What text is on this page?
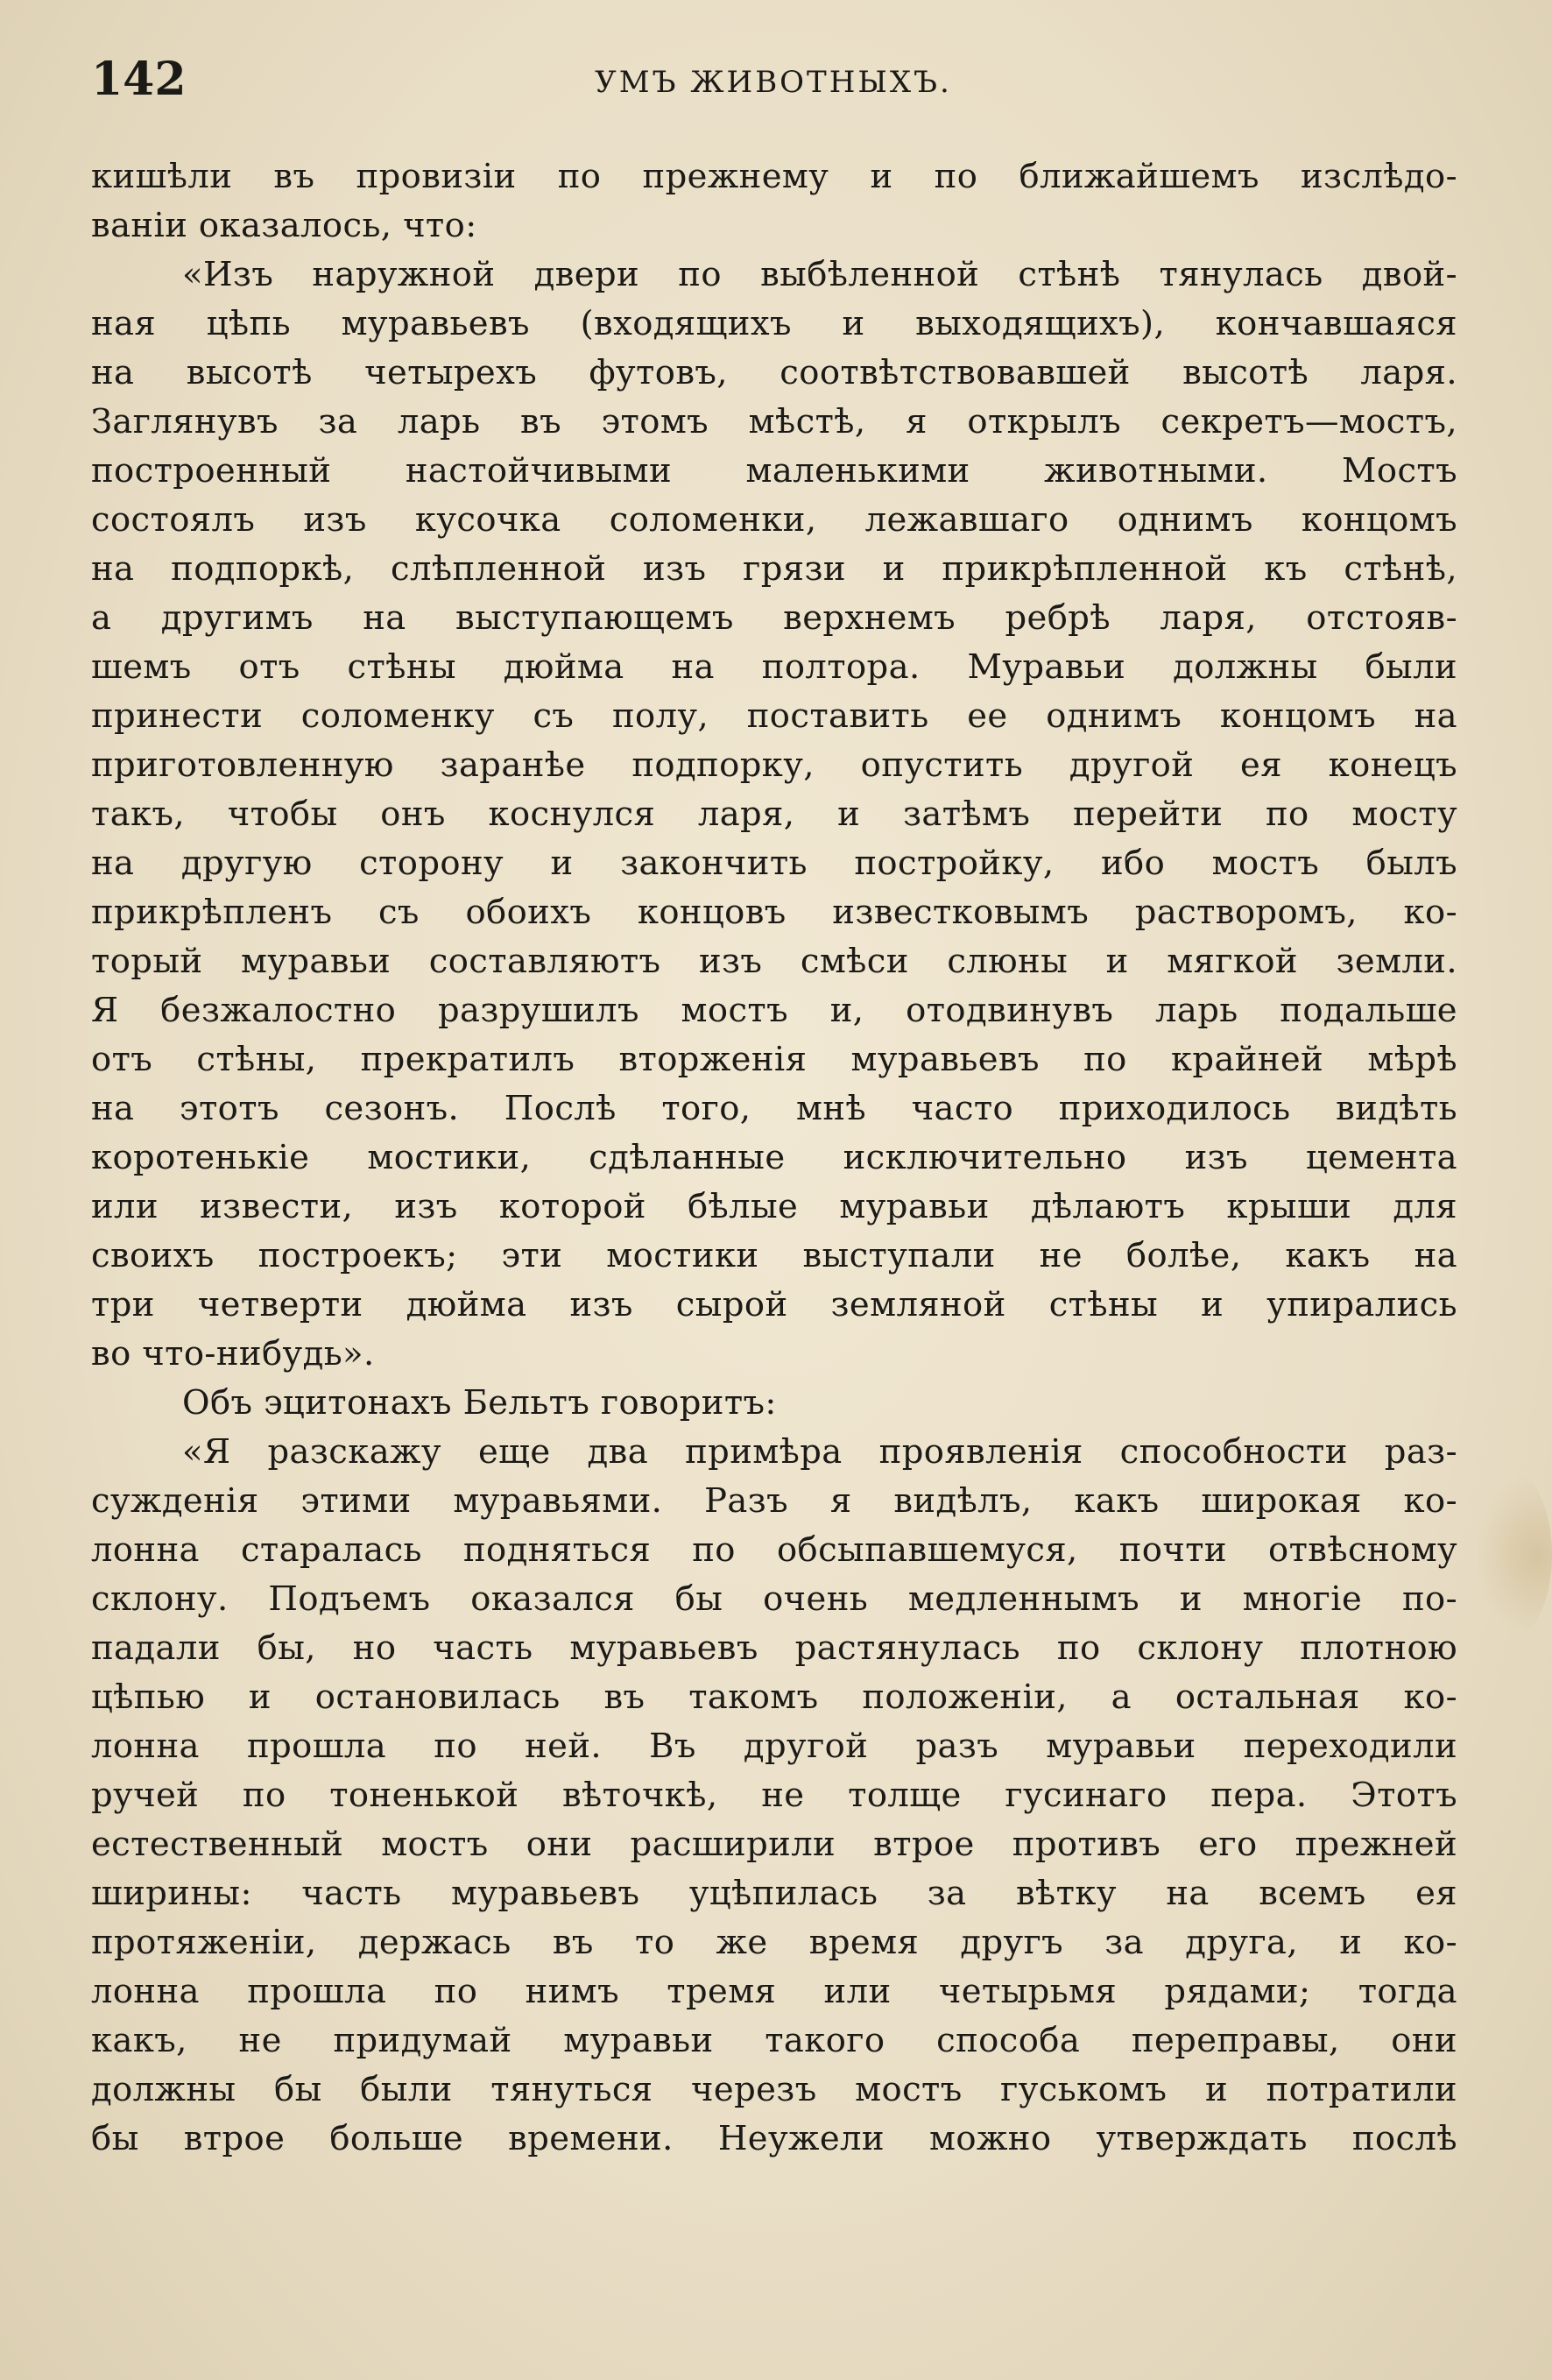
142	УМЪ ЖИВОТНЫХЪ.

кишѣли въ провизіи по прежнему и по ближайшемъ изслѣдо-

ваніи оказалось, что:

«Изъ наружной двери по выбѣленной стѣнѣ тянулась двой-

ная цѣпь муравьевъ (входящихъ и выходящихъ), кончавшаяся

на высотѣ четырехъ футовъ, соотвѣтствовавшей высотѣ ларя.

Заглянувъ за ларь въ этомъ мѣстѣ, я открылъ секретъ—мостъ,

построенный настойчивыми маленькими животными. Мостъ

состоялъ изъ кусочка соломенки, лежавшаго однимъ концомъ

на подпоркѣ, слѣпленной изъ грязи и прикрѣпленной къ стѣнѣ,

а другимъ на выступающемъ верхнемъ ребрѣ ларя, отстояв-

шемъ отъ стѣны дюйма на полтора. Муравьи должны были

принести соломенку съ полу, поставить ее однимъ концомъ на

приготовленную заранѣе подпорку, опустить другой ея конецъ

такъ, чтобы онъ коснулся ларя, и затѣмъ перейти по мосту

на другую сторону и закончить постройку, ибо мостъ былъ

прикрѣпленъ съ обоихъ концовъ известковымъ растворомъ, ко-

торый муравьи составляютъ изъ смѣси слюны и мягкой земли.

Я безжалостно разрушилъ мостъ и, отодвинувъ ларь подальше

отъ стѣны, прекратилъ вторженія муравьевъ по крайней мѣрѣ

на этотъ сезонъ. Послѣ того, мнѣ часто приходилось видѣть

коротенькіе мостики, сдѣланные исключительно изъ цемента

или извести, изъ которой бѣлые муравьи дѣлаютъ крыши для

своихъ построекъ; эти мостики выступали не болѣе, какъ на

три четверти дюйма изъ сырой земляной стѣны и упирались

во что-нибудь».

Объ эцитонахъ Бельтъ говоритъ:

«Я разскажу еще два примѣра проявленія способности раз-

сужденія этими муравьями. Разъ я видѣлъ, какъ широкая ко-

лонна старалась подняться по обсыпавшемуся, почти отвѣсному

склону. Подъемъ оказался бы очень медленнымъ и многіе по-

падали бы, но часть муравьевъ растянулась по склону плотною

цѣпью и остановилась въ такомъ положеніи, а остальная ко-

лонна прошла по ней. Въ другой разъ муравьи переходили

ручей по тоненькой вѣточкѣ, не толще гусинаго пера. Этотъ

естественный мостъ они расширили втрое противъ его прежней

ширины: часть муравьевъ уцѣпилась за вѣтку на всемъ ея

протяженіи, держась въ то же время другъ за друга, и ко-

лонна прошла по нимъ тремя или четырьмя рядами; тогда

какъ, не придумай муравьи такого способа переправы, они

должны бы были тянуться черезъ мостъ гуськомъ и потратили

бы втрое больше времени. Неужели можно утверждать послѣ
